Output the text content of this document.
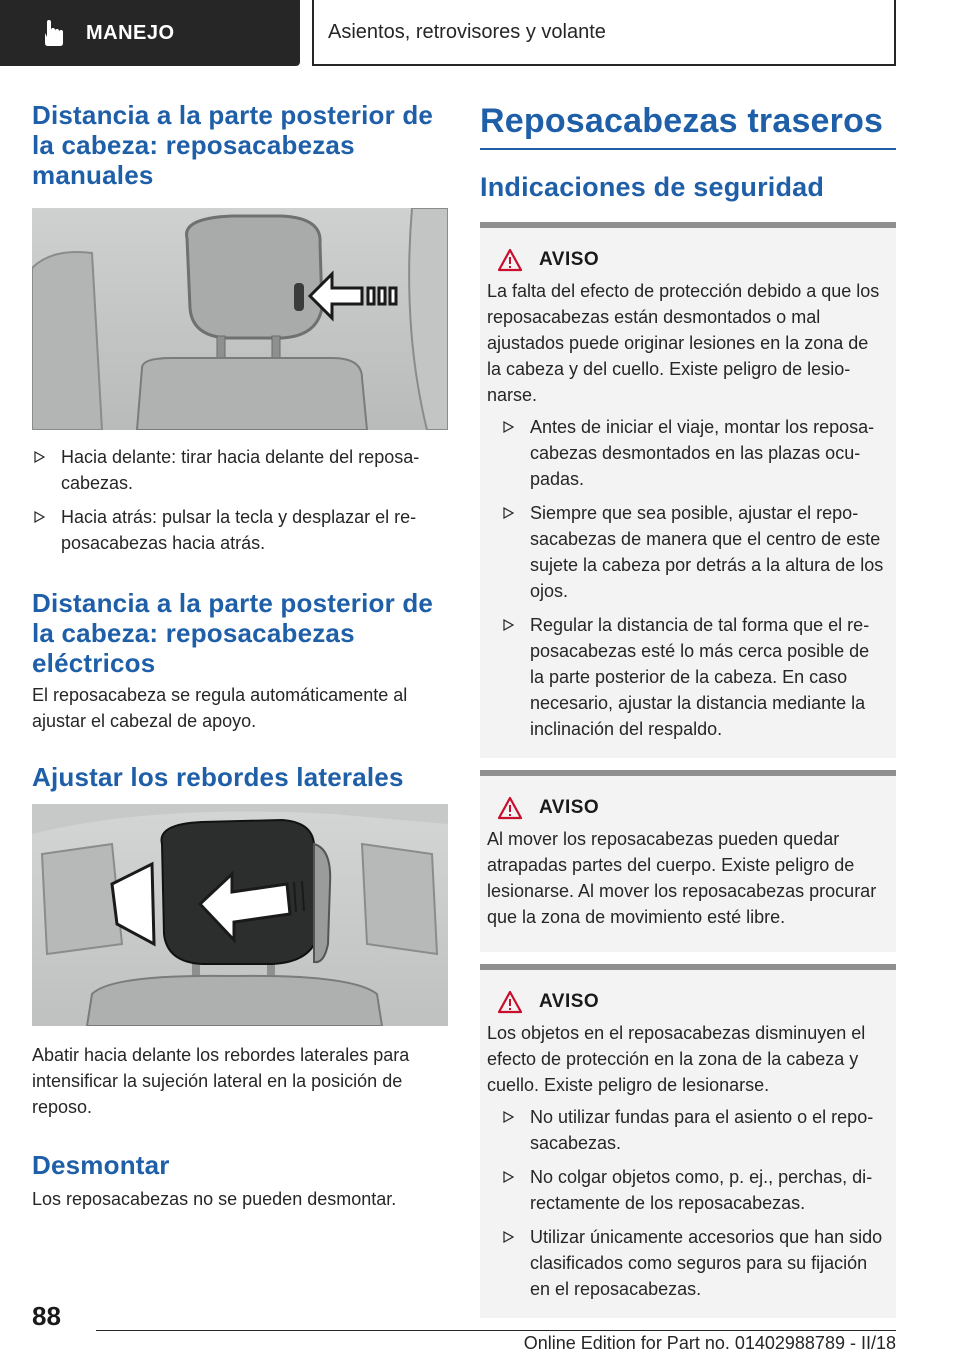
MANEJO	Asientos, retrovisores y volante
Distancia a la parte posterior de la cabeza: reposacabezas manuales
Hacia delante: tirar hacia delante del reposacabezas.
Hacia atrás: pulsar la tecla y desplazar el reposacabezas hacia atrás.
Distancia a la parte posterior de la cabeza: reposacabezas eléctricos

El reposacabeza se regula automáticamente al ajustar el cabezal de apoyo.

Ajustar los rebordes laterales

Abatir hacia delante los rebordes laterales para intensificar la sujeción lateral en la posición de reposo.

Desmontar

Los reposacabezas no se pueden desmontar.

Reposacabezas traseros
Indicaciones de seguridad
AVISO

La falta del efecto de protección debido a que los reposacabezas están desmontados o mal ajustados puede originar lesiones en la zona de la cabeza y del cuello. Existe peligro de lesionarse.

Antes de iniciar el viaje, montar los reposacabezas desmontados en las plazas ocupadas.
Siempre que sea posible, ajustar el reposacabezas de manera que el centro de este sujete la cabeza por detrás a la altura de los ojos.
Regular la distancia de tal forma que el reposacabezas esté lo más cerca posible de la parte posterior de la cabeza. En caso necesario, ajustar la distancia mediante la inclinación del respaldo.
AVISO

Al mover los reposacabezas pueden quedar atrapadas partes del cuerpo. Existe peligro de lesionarse. Al mover los reposacabezas procurar que la zona de movimiento esté libre.

AVISO

Los objetos en el reposacabezas disminuyen el efecto de protección en la zona de la cabeza y cuello. Existe peligro de lesionarse.

No utilizar fundas para el asiento o el reposacabezas.
No colgar objetos como, p. ej., perchas, directamente de los reposacabezas.
Utilizar únicamente accesorios que han sido clasificados como seguros para su fijación en el reposacabezas.
88
Online Edition for Part no. 01402988789 - II/18
